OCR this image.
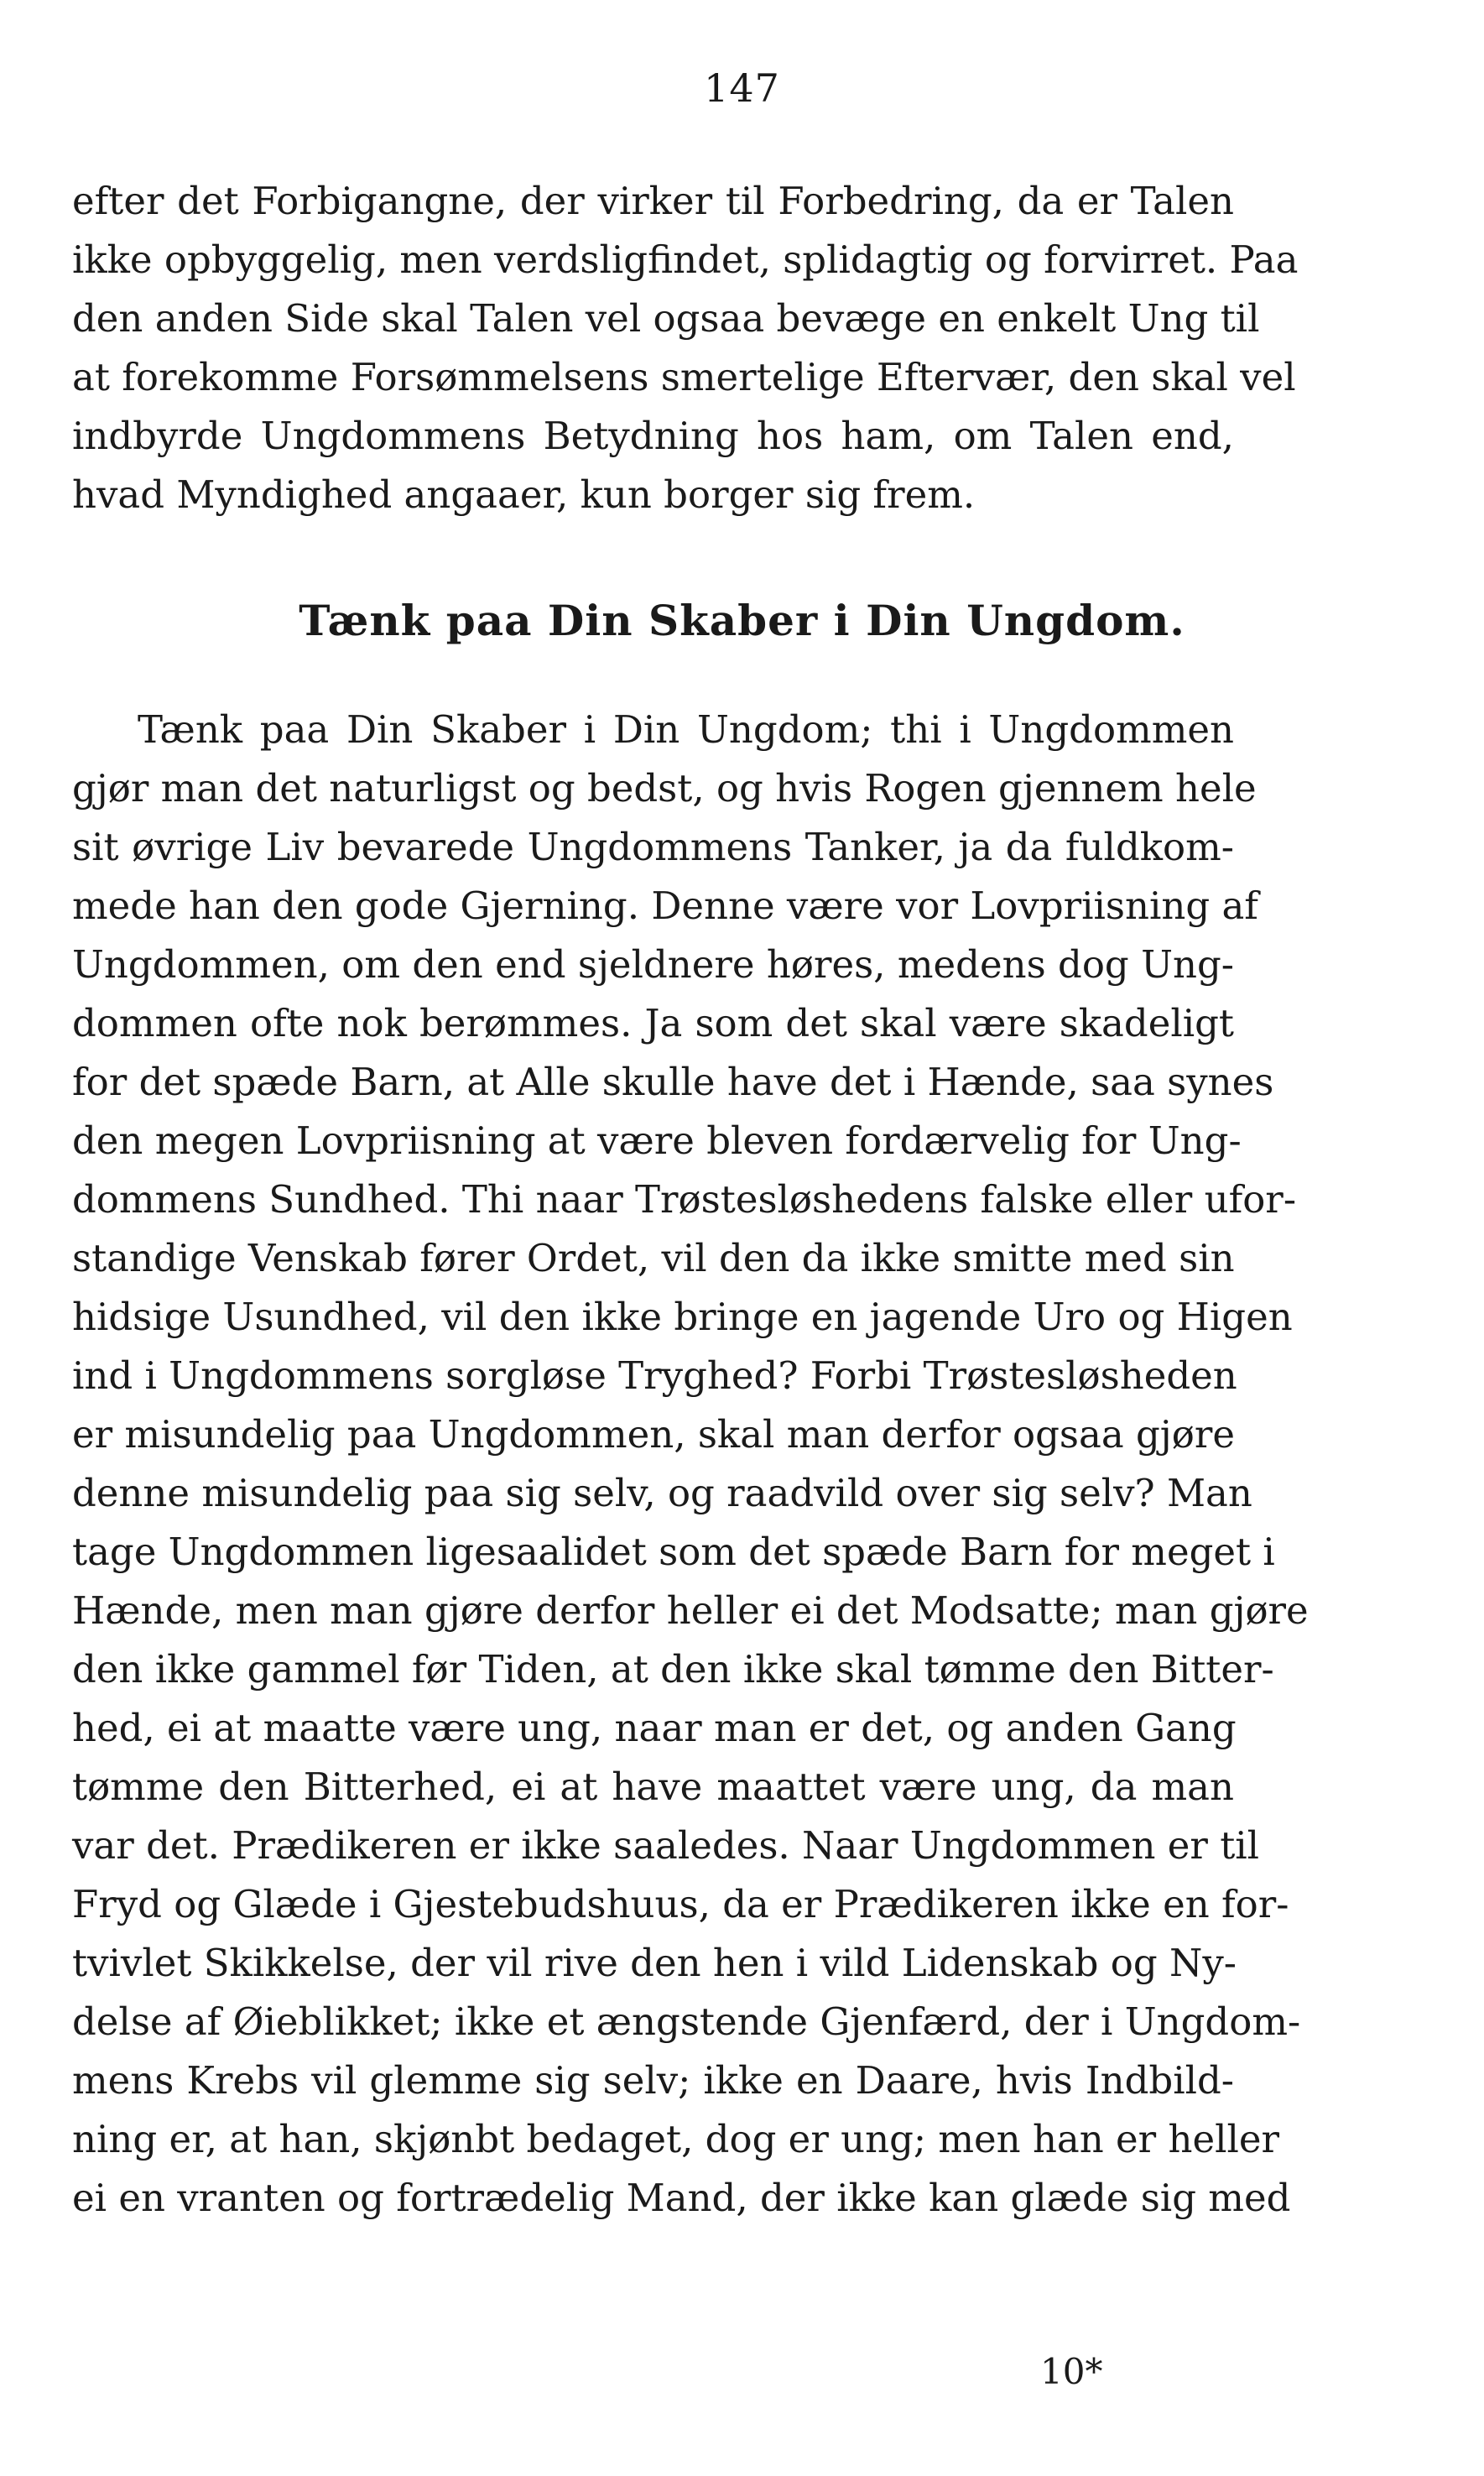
147
efter det Forbigangne, der virker til Forbedring, da er Talen
ikke opbyggelig, men verdsligfindet, splidagtig og forvirret. Paa
den anden Side skal Talen vel ogsaa bevæge en enkelt Ung til
at forekomme Forsømmelsens smertelige Eftervær, den skal vel
indbyrde Ungdommens Betydning hos ham, om Talen end,
hvad Myndighed angaaer, kun borger sig frem.
Tænk paa Din Skaber i Din Ungdom.
Tænk paa Din Skaber i Din Ungdom; thi i Ungdommen
gjør man det naturligst og bedst, og hvis Rogen gjennem hele
sit øvrige Liv bevarede Ungdommens Tanker, ja da fuldkom-
mede han den gode Gjerning. Denne være vor Lovpriisning af
Ungdommen, om den end sjeldnere høres, medens dog Ung-
dommen ofte nok berømmes. Ja som det skal være skadeligt
for det spæde Barn, at Alle skulle have det i Hænde, saa synes
den megen Lovpriisning at være bleven fordærvelig for Ung-
dommens Sundhed. Thi naar Trøstesløshedens falske eller ufor-
standige Venskab fører Ordet, vil den da ikke smitte med sin
hidsige Usundhed, vil den ikke bringe en jagende Uro og Higen
ind i Ungdommens sorgløse Tryghed? Forbi Trøstesløsheden
er misundelig paa Ungdommen, skal man derfor ogsaa gjøre
denne misundelig paa sig selv, og raadvild over sig selv? Man
tage Ungdommen ligesaalidet som det spæde Barn for meget i
Hænde, men man gjøre derfor heller ei det Modsatte; man gjøre
den ikke gammel før Tiden, at den ikke skal tømme den Bitter-
hed, ei at maatte være ung, naar man er det, og anden Gang
tømme den Bitterhed, ei at have maattet være ung, da man
var det. Prædikeren er ikke saaledes. Naar Ungdommen er til
Fryd og Glæde i Gjestebudshuus, da er Prædikeren ikke en for-
tvivlet Skikkelse, der vil rive den hen i vild Lidenskab og Ny-
delse af Øieblikket; ikke et ængstende Gjenfærd, der i Ungdom-
mens Krebs vil glemme sig selv; ikke en Daare, hvis Indbild-
ning er, at han, skjønbt bedaget, dog er ung; men han er heller
ei en vranten og fortrædelig Mand, der ikke kan glæde sig med
10*
